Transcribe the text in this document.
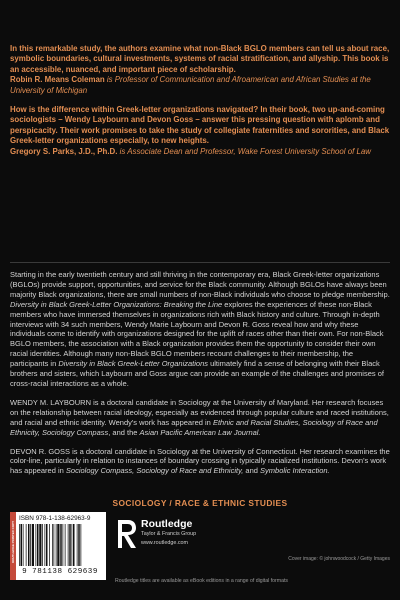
In this remarkable study, the authors examine what non-Black BGLO members can tell us about race, symbolic boundaries, cultural investments, systems of racial stratification, and allyship. This book is an accessible, nuanced, and important piece of scholarship.

Robin R. Means Coleman is Professor of Communication and Afroamerican and African Studies at the University of Michigan

How is the difference within Greek-letter organizations navigated? In their book, two up-and-coming sociologists – Wendy Laybourn and Devon Goss – answer this pressing question with aplomb and perspicacity. Their work promises to take the study of collegiate fraternities and sororities, and Black Greek-letter organizations especially, to new heights.

Gregory S. Parks, J.D., Ph.D. is Associate Dean and Professor, Wake Forest University School of Law

Starting in the early twentieth century and still thriving in the contemporary era, Black Greek-letter organizations (BGLOs) provide support, opportunities, and service for the Black community. Although BGLOs have always been majority Black organizations, there are small numbers of non-Black individuals who choose to pledge membership. Diversity in Black Greek-Letter Organizations: Breaking the Line explores the experiences of these non-Black members who have immersed themselves in organizations rich with Black history and culture. Through in-depth interviews with 34 such members, Wendy Marie Laybourn and Devon R. Goss reveal how and why these individuals come to identify with organizations designed for the uplift of races other than their own. For non-Black BGLO members, the association with a Black organization provides them the opportunity to consider their own racial identities. Although many non-Black BGLO members recount challenges to their membership, the participants in Diversity in Black Greek-Letter Organizations ultimately find a sense of belonging with their Black brothers and sisters, which Laybourn and Goss argue can provide an example of the challenges and promises of cross-racial interactions as a whole.

WENDY M. LAYBOURN is a doctoral candidate in Sociology at the University of Maryland. Her research focuses on the relationship between racial ideology, especially as evidenced through popular culture and raced institutions, and racial and ethnic identity. Wendy's work has appeared in Ethnic and Racial Studies, Sociology of Race and Ethnicity, Sociology Compass, and the Asian Pacific American Law Journal.

DEVON R. GOSS is a doctoral candidate in Sociology at the University of Connecticut. Her research examines the color-line, particularly in relation to instances of boundary crossing in typically racialized institutions. Devon's work has appeared in Sociology Compass, Sociology of Race and Ethnicity, and Symbolic Interaction.

SOCIOLOGY / RACE & ETHNIC STUDIES
ROUTLEDGE PRINTED COPY
ISBN 978-1-138-62963-9
9 781138 629639
Routledge
Taylor & Francis Group
www.routledge.com
Cover image: © johnwoodcock / Getty Images
Routledge titles are available as eBook editions in a range of digital formats
